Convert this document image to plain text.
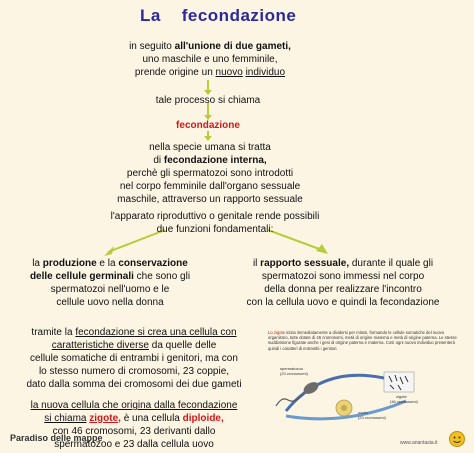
La    fecondazione
in seguito all'unione di due gameti,
uno maschile e uno femminile,
prende origine un nuovo individuo
tale processo si chiama
fecondazione
nella specie umana si tratta
di fecondazione interna,
perchè gli spermatozoi sono introdotti
nel corpo femminile dall'organo sessuale
maschile, attraverso un rapporto sessuale
l'apparato riproduttivo o genitale rende possibili
due funzioni fondamentali:
la produzione e la conservazione
delle cellule germinali che sono gli
spermatozoi nell'uomo e le
cellule uovo nella donna
il rapporto sessuale, durante il quale gli
spermatozoi sono immessi nel corpo
della donna per realizzare l'incontro
con la cellula uovo e quindi la fecondazione
tramite la fecondazione si crea una cellula con
caratteristiche diverse da quelle delle
cellule somatiche di entrambi i genitori, ma con
lo stesso numero di cromosomi, 23 coppie,
dato dalla somma dei cromosomi dei due gameti
la nuova cellula che origina dalla fecondazione
si chiama zigote, è una cellula diploide,
con 46 cromosomi, 23 derivanti dallo
spermatozoo e 23 dalla cellula uovo
Lo zigote inizia immediatamente a dividersi per mitosi, formando le cellule somatiche del nuovo organismo, tutte dotate di 46 cromosomi, metà di origine materna e metà di origine paterna. Le stesse suddivisione figurate anche i geni di origine paterna e materna. Così ogni nuovo individuo presenterà quindi i caratteri di entrambi i genitori.
spermatozoo
(23 cromosomi)
ovulo
(23 cromosomi)
zigote
(46 cromosomi)
Paradiso delle mappe	www.anantasia.it
